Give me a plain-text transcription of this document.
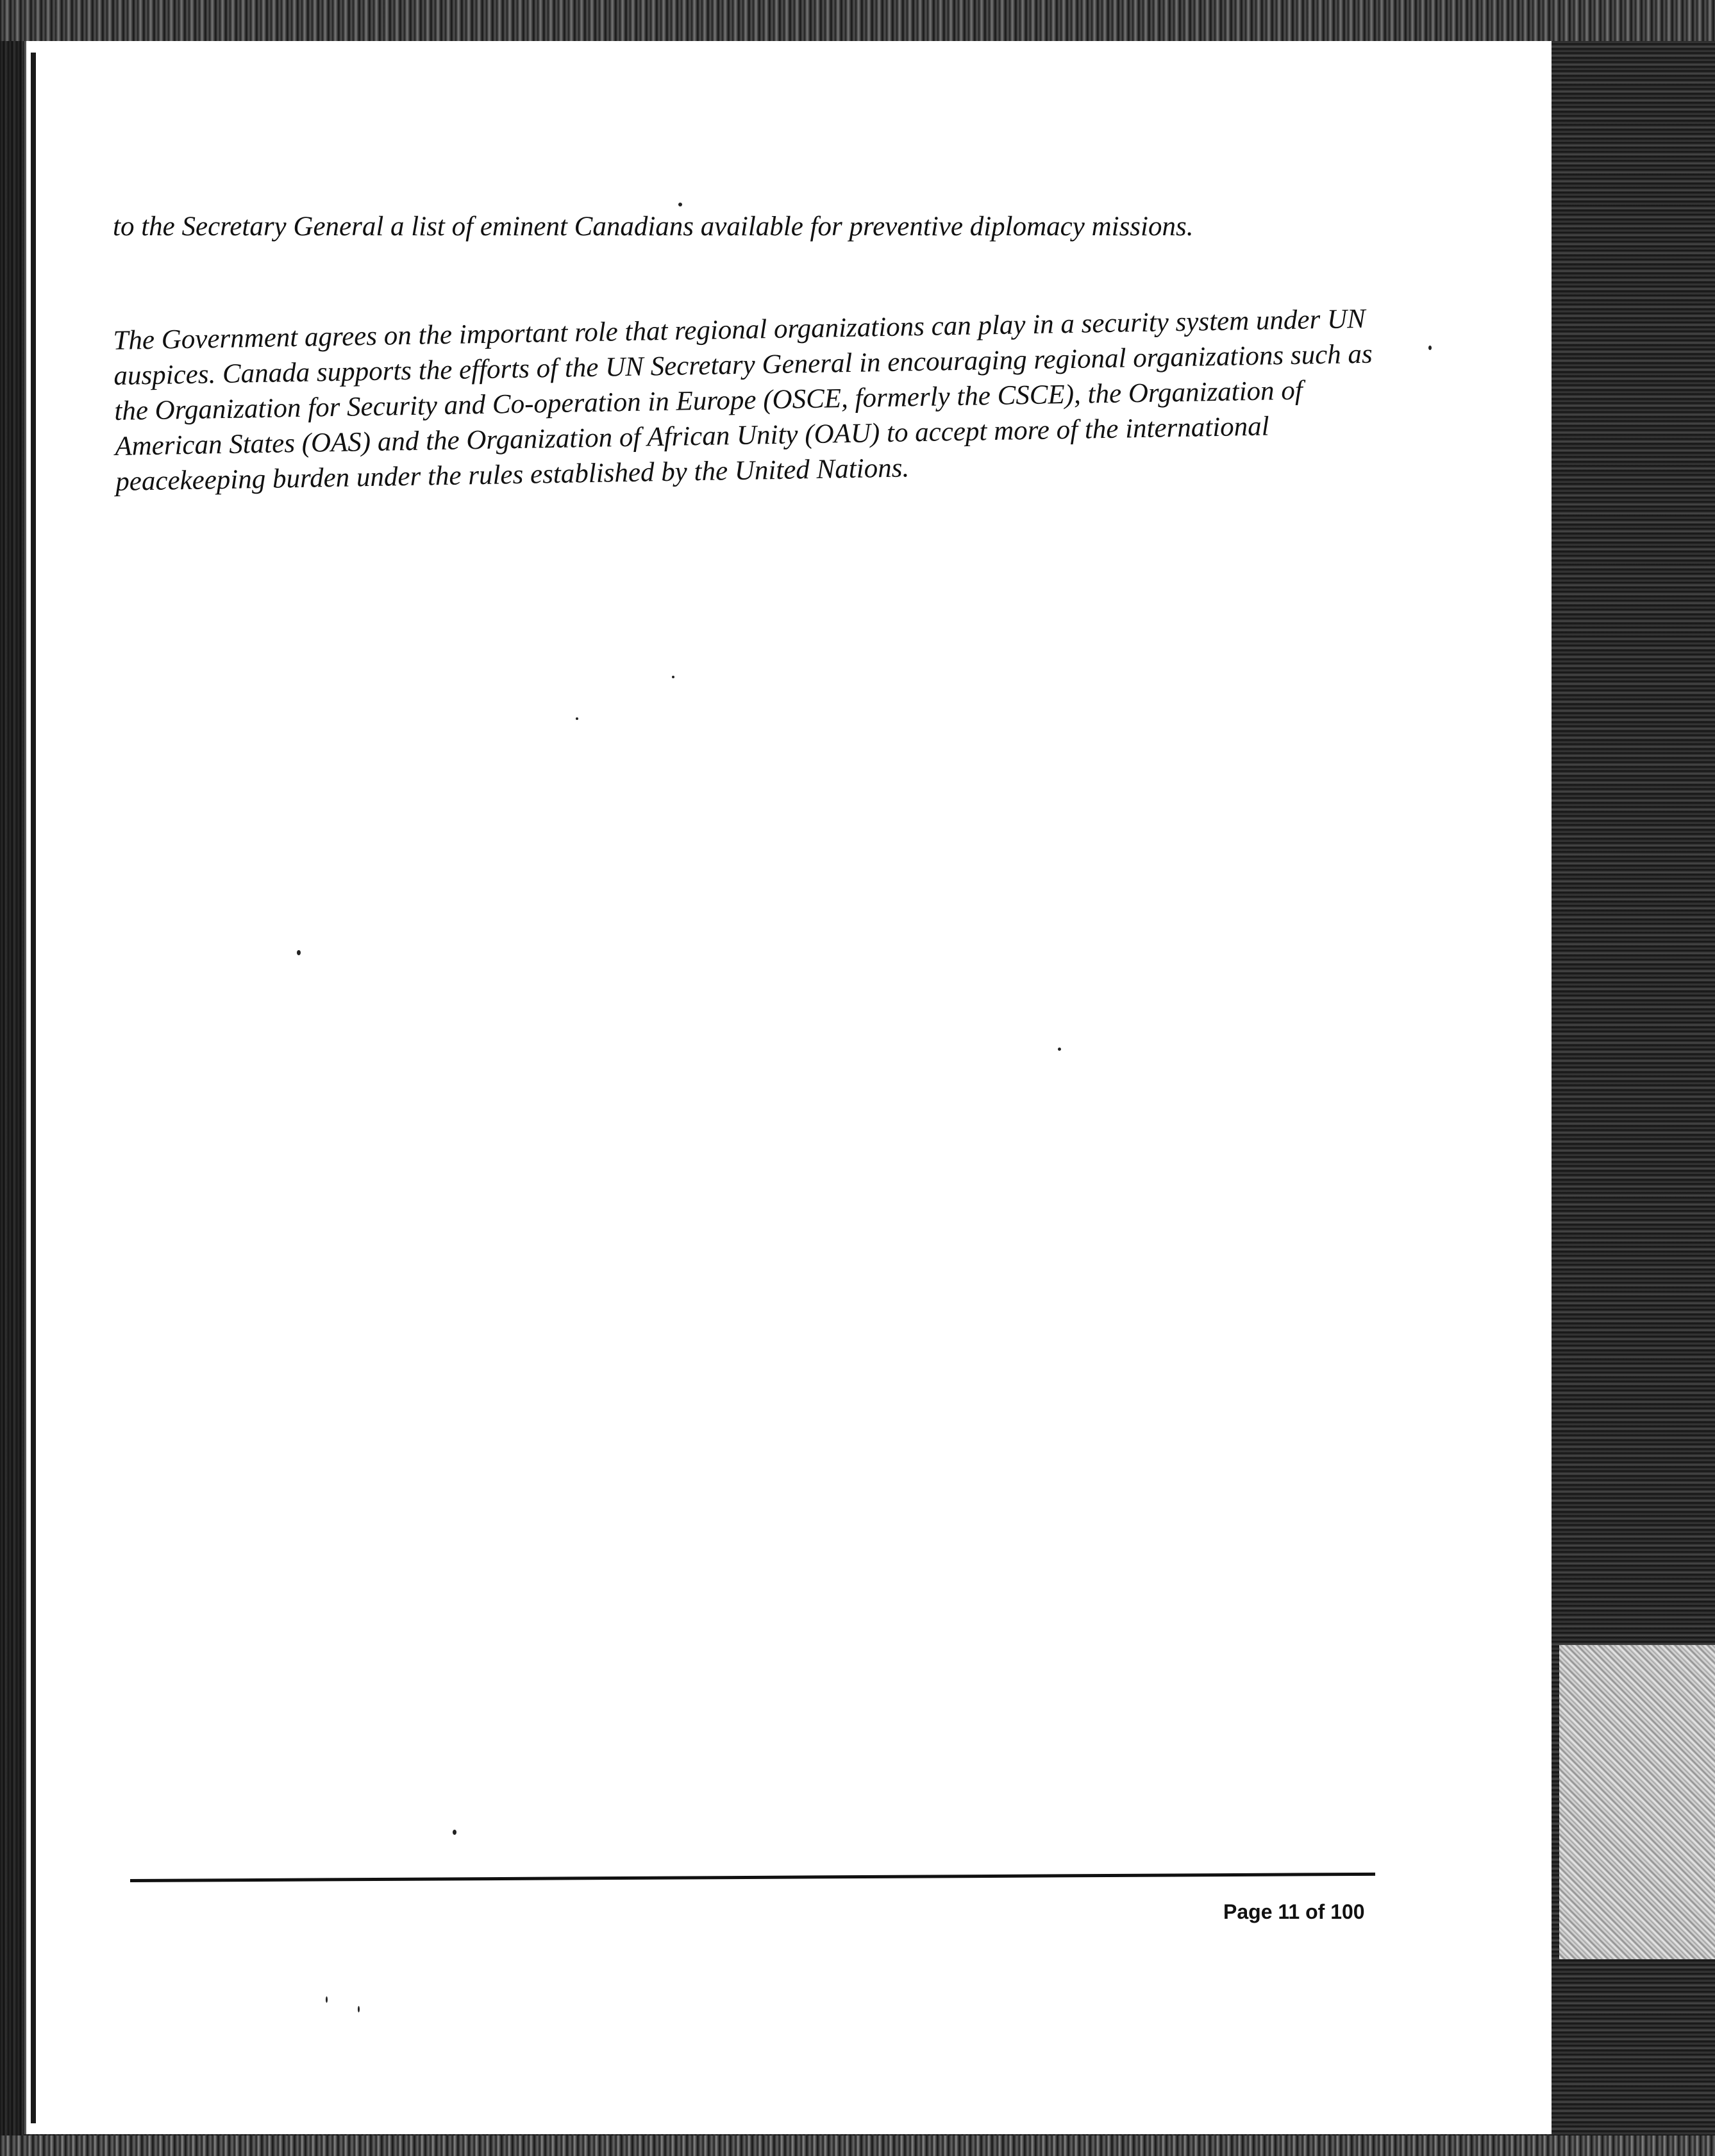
to the Secretary General a list of eminent Canadians available for preventive diplomacy missions.

The Government agrees on the important role that regional organizations can play in a security system under UN auspices. Canada supports the efforts of the UN Secretary General in encouraging regional organizations such as the Organization for Security and Co-operation in Europe (OSCE, formerly the CSCE), the Organization of American States (OAS) and the Organization of African Unity (OAU) to accept more of the international peacekeeping burden under the rules established by the United Nations.

Page 11 of 100
